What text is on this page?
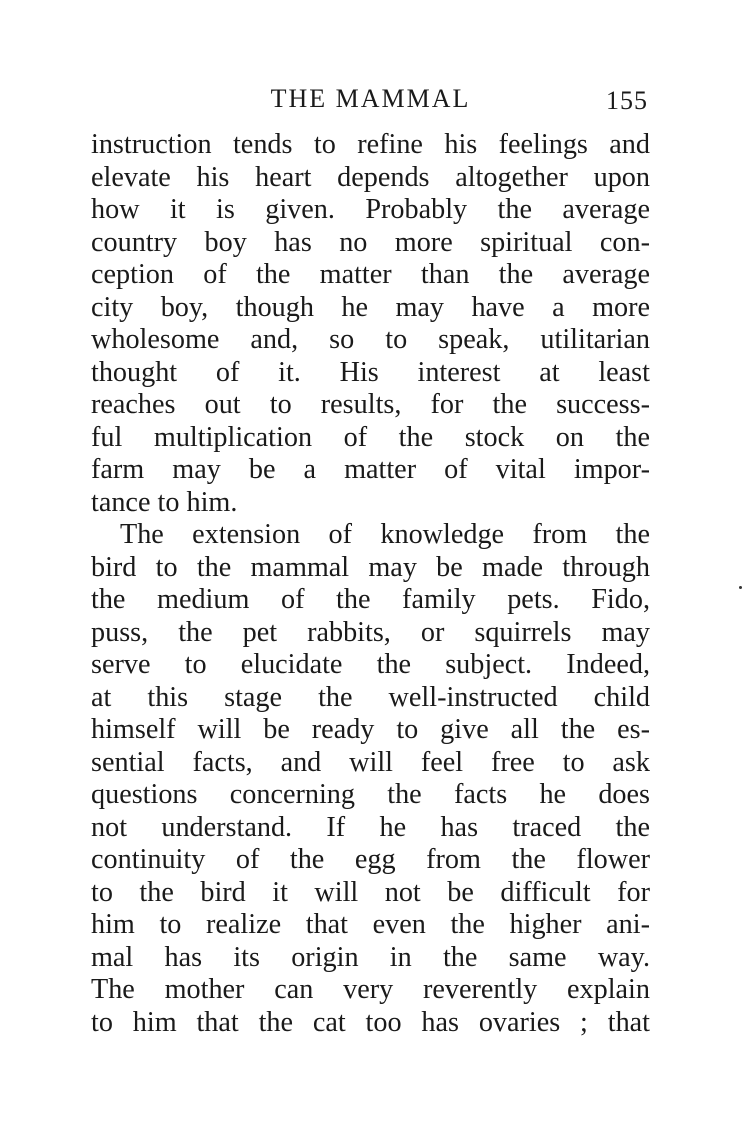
THE MAMMAL	155
instruction tends to refine his feelings and
elevate his heart depends altogether upon
how it is given. Probably the average
country boy has no more spiritual con-
ception of the matter than the average
city boy, though he may have a more
wholesome and, so to speak, utilitarian
thought of it. His interest at least
reaches out to results, for the success-
ful multiplication of the stock on the
farm may be a matter of vital impor-
tance to him.
The extension of knowledge from the
bird to the mammal may be made through
the medium of the family pets. Fido,
puss, the pet rabbits, or squirrels may
serve to elucidate the subject. Indeed,
at this stage the well-instructed child
himself will be ready to give all the es-
sential facts, and will feel free to ask
questions concerning the facts he does
not understand. If he has traced the
continuity of the egg from the flower
to the bird it will not be difficult for
him to realize that even the higher ani-
mal has its origin in the same way.
The mother can very reverently explain
to him that the cat too has ovaries ; that
